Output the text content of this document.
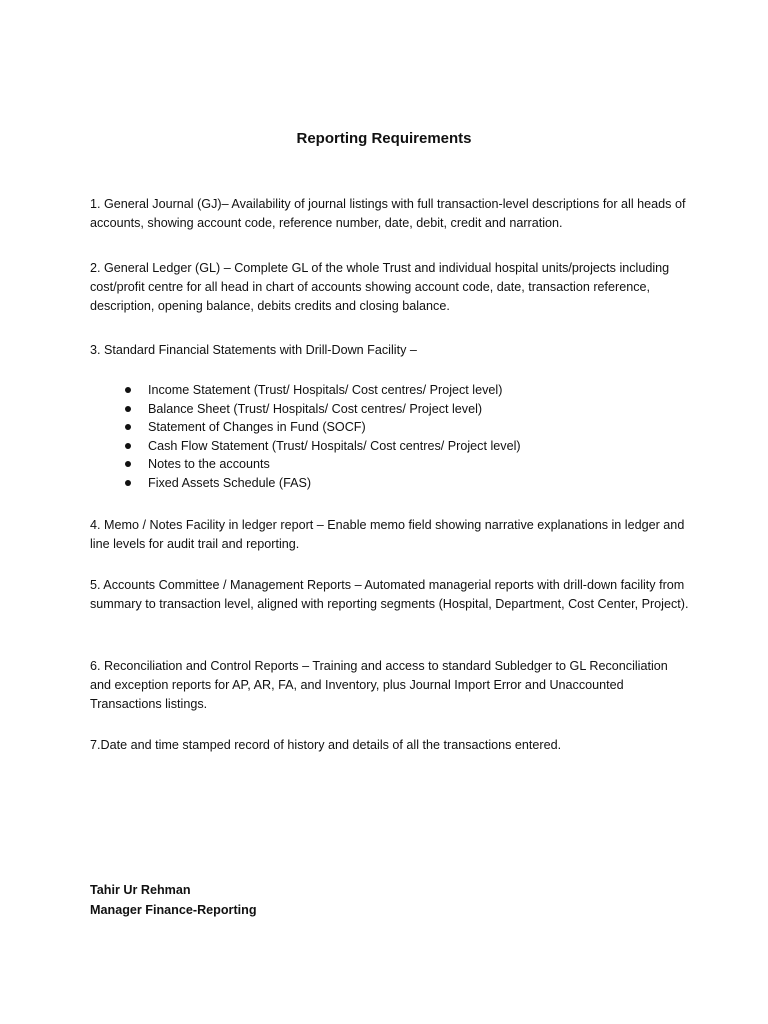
Reporting Requirements
1. General Journal (GJ)– Availability of journal listings with full transaction-level descriptions for all heads of accounts, showing account code, reference number, date, debit, credit and narration.
2. General Ledger (GL) – Complete GL of the whole Trust and individual hospital units/projects including cost/profit centre for all head in chart of accounts showing account code, date, transaction reference, description, opening balance, debits credits and closing balance.
3. Standard Financial Statements with Drill-Down Facility –
Income Statement (Trust/ Hospitals/ Cost centres/ Project level)
Balance Sheet (Trust/ Hospitals/ Cost centres/ Project level)
Statement of Changes in Fund (SOCF)
Cash Flow Statement (Trust/ Hospitals/ Cost centres/ Project level)
Notes to the accounts
Fixed Assets Schedule (FAS)
4. Memo / Notes Facility in ledger report – Enable memo field showing narrative explanations in ledger and line levels for audit trail and reporting.
5. Accounts Committee / Management Reports – Automated managerial reports with drill-down facility from summary to transaction level, aligned with reporting segments (Hospital, Department, Cost Center, Project).
6. Reconciliation and Control Reports – Training and access to standard Subledger to GL Reconciliation and exception reports for AP, AR, FA, and Inventory, plus Journal Import Error and Unaccounted Transactions listings.
7.Date and time stamped record of history and details of all the transactions entered.
Tahir Ur Rehman
Manager Finance-Reporting
